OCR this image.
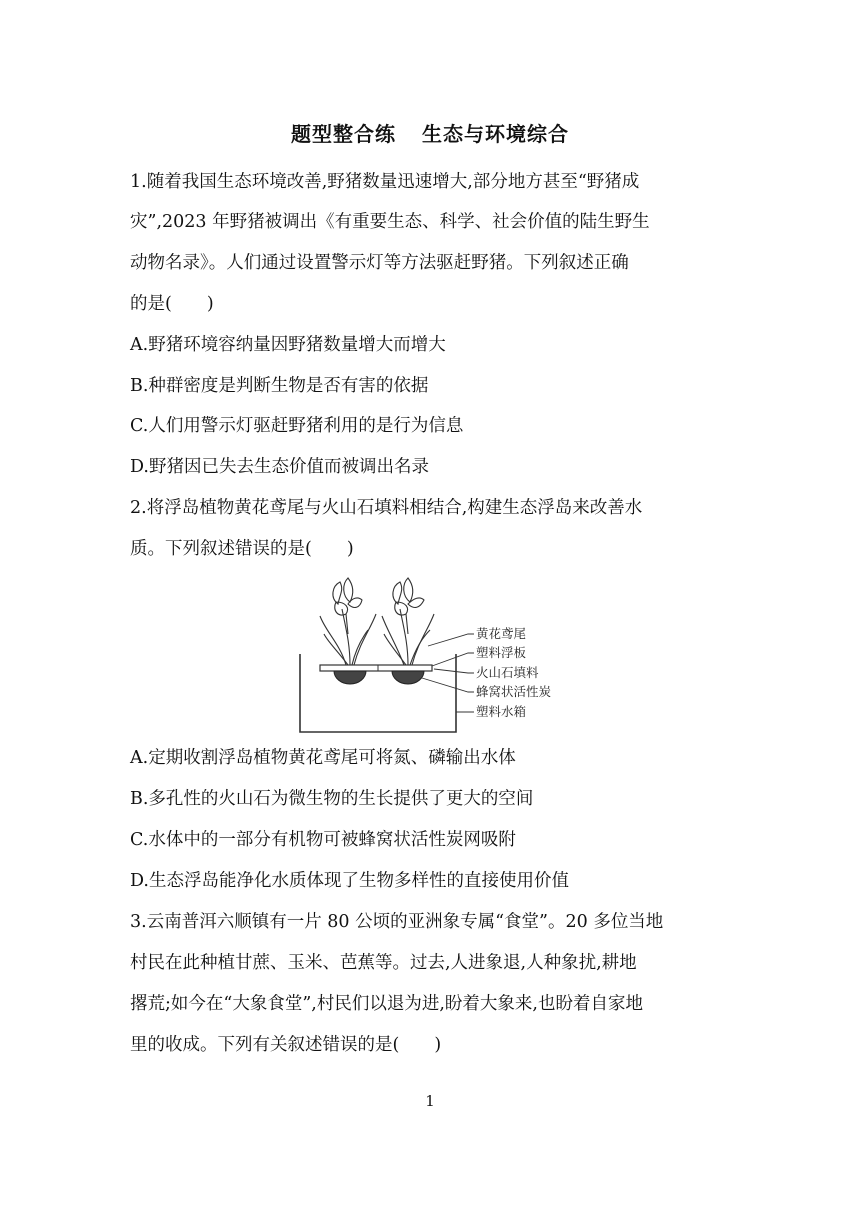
题型整合练 生态与环境综合
1.随着我国生态环境改善,野猪数量迅速增大,部分地方甚至“野猪成
灾”,2023 年野猪被调出《有重要生态、科学、社会价值的陆生野生
动物名录》。人们通过设置警示灯等方法驱赶野猪。下列叙述正确
的是(　　)
A.野猪环境容纳量因野猪数量增大而增大
B.种群密度是判断生物是否有害的依据
C.人们用警示灯驱赶野猪利用的是行为信息
D.野猪因已失去生态价值而被调出名录
2.将浮岛植物黄花鸢尾与火山石填料相结合,构建生态浮岛来改善水
质。下列叙述错误的是(　　)
黄花鸢尾
塑料浮板
火山石填料
蜂窝状活性炭
塑料水箱
A.定期收割浮岛植物黄花鸢尾可将氮、磷输出水体
B.多孔性的火山石为微生物的生长提供了更大的空间
C.水体中的一部分有机物可被蜂窝状活性炭网吸附
D.生态浮岛能净化水质体现了生物多样性的直接使用价值
3.云南普洱六顺镇有一片 80 公顷的亚洲象专属“食堂”。20 多位当地
村民在此种植甘蔗、玉米、芭蕉等。过去,人进象退,人种象扰,耕地
撂荒;如今在“大象食堂”,村民们以退为进,盼着大象来,也盼着自家地
里的收成。下列有关叙述错误的是(　　)
1
